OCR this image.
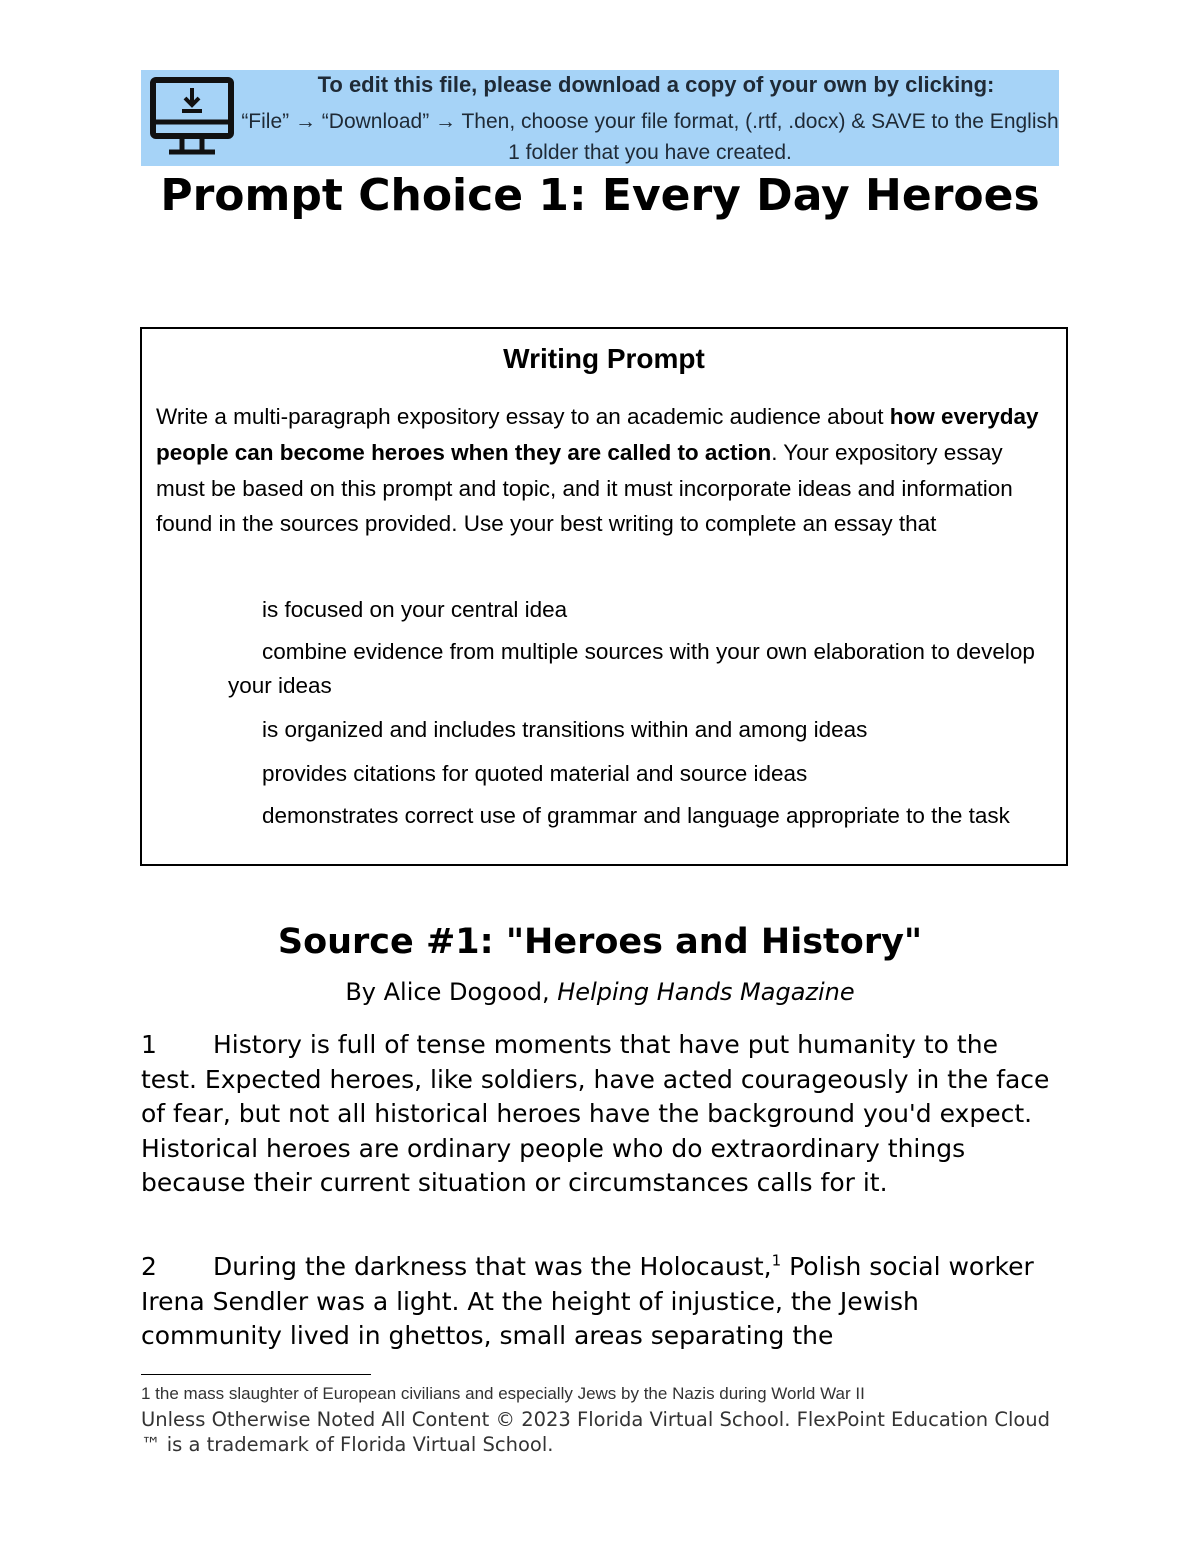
To edit this file, please download a copy of your own by clicking:
“File” → “Download” → Then, choose your file format, (.rtf, .docx) & SAVE to the English 1 folder that you have created.
Prompt Choice 1: Every Day Heroes
Writing Prompt
Write a multi-paragraph expository essay to an academic audience about how everyday people can become heroes when they are called to action. Your expository essay must be based on this prompt and topic, and it must incorporate ideas and information found in the sources provided. Use your best writing to complete an essay that
is focused on your central idea
combine evidence from multiple sources with your own elaboration to develop your ideas
is organized and includes transitions within and among ideas
provides citations for quoted material and source ideas
demonstrates correct use of grammar and language appropriate to the task
Source #1: "Heroes and History"
By Alice Dogood, Helping Hands Magazine
1 History is full of tense moments that have put humanity to the test. Expected heroes, like soldiers, have acted courageously in the face of fear, but not all historical heroes have the background you'd expect. Historical heroes are ordinary people who do extraordinary things because their current situation or circumstances calls for it.
2 During the darkness that was the Holocaust,$^1$ Polish social worker Irena Sendler was a light. At the height of injustice, the Jewish community lived in ghettos, small areas separating the
1 the mass slaughter of European civilians and especially Jews by the Nazis during World War II
Unless Otherwise Noted All Content © 2023 Florida Virtual School. FlexPoint Education Cloud ™ is a trademark of Florida Virtual School.
